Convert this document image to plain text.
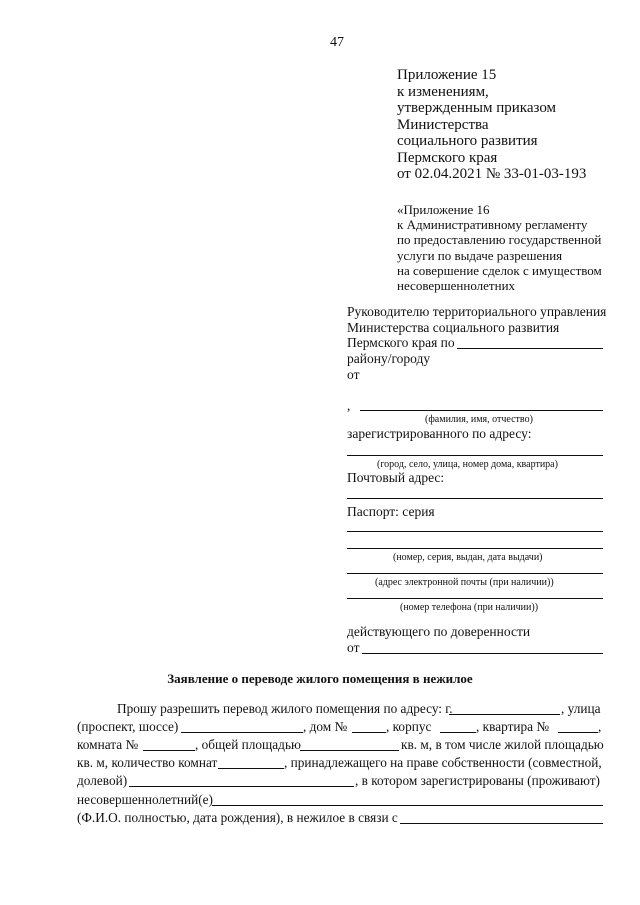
47
Приложение 15
к изменениям,
утвержденным приказом
Министерства
социального развития
Пермского края
от 02.04.2021 № 33-01-03-193
«Приложение 16
к Административному регламенту
по предоставлению государственной
услуги по выдаче разрешения
на совершение сделок с имуществом
несовершеннолетних
Руководителю территориального управления
Министерства социального развития
Пермского края по
району/городу
от
,
(фамилия, имя, отчество)
зарегистрированного по адресу:
(город, село, улица, номер дома, квартира)
Почтовый адрес:
Паспорт: серия
(номер, серия, выдан, дата выдачи)
(адрес электронной почты (при наличии))
(номер телефона (при наличии))
действующего по доверенности
от
Заявление о переводе жилого помещения в нежилое
Прошу разрешить перевод жилого помещения по адресу: г.	, улица
(проспект, шоссе)	, дом №	, корпус	, квартира №	,
комната №	, общей площадью	кв. м, в том числе жилой площадью
кв. м, количество комнат	, принадлежащего на праве собственности (совместной,
долевой)	, в котором зарегистрированы (проживают)
несовершеннолетний(е)
(Ф.И.О. полностью, дата рождения), в нежилое в связи с
